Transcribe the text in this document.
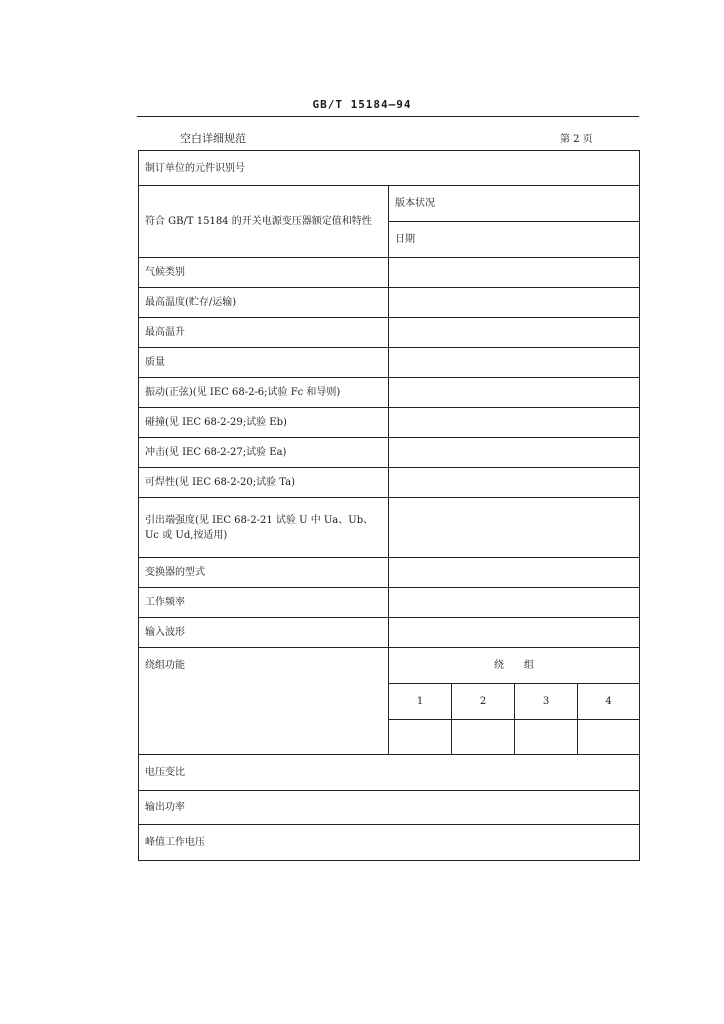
GB/T 15184—94
空白详细规范	第 2 页
制订单位的元件识别号				
符合 GB/T 15184 的开关电源变压器额定值和特性	版本状况			
	日期			
气候类别				
最高温度(贮存/运输)				
最高温升				
质量				
振动(正弦)(见 IEC 68-2-6;试验 Fc 和导则)				
碰撞(见 IEC 68-2-29;试验 Eb)				
冲击(见 IEC 68-2-27;试验 Ea)				
可焊性(见 IEC 68-2-20;试验 Ta)				
引出端强度(见 IEC 68-2-21 试验 U 中 Ua、Ub、Uc 或 Ud,按适用)				
变换器的型式				
工作频率				
输入波形				
绕组功能	绕　　组			
	1	2	3	4

电压变比				
输出功率				
峰值工作电压				
